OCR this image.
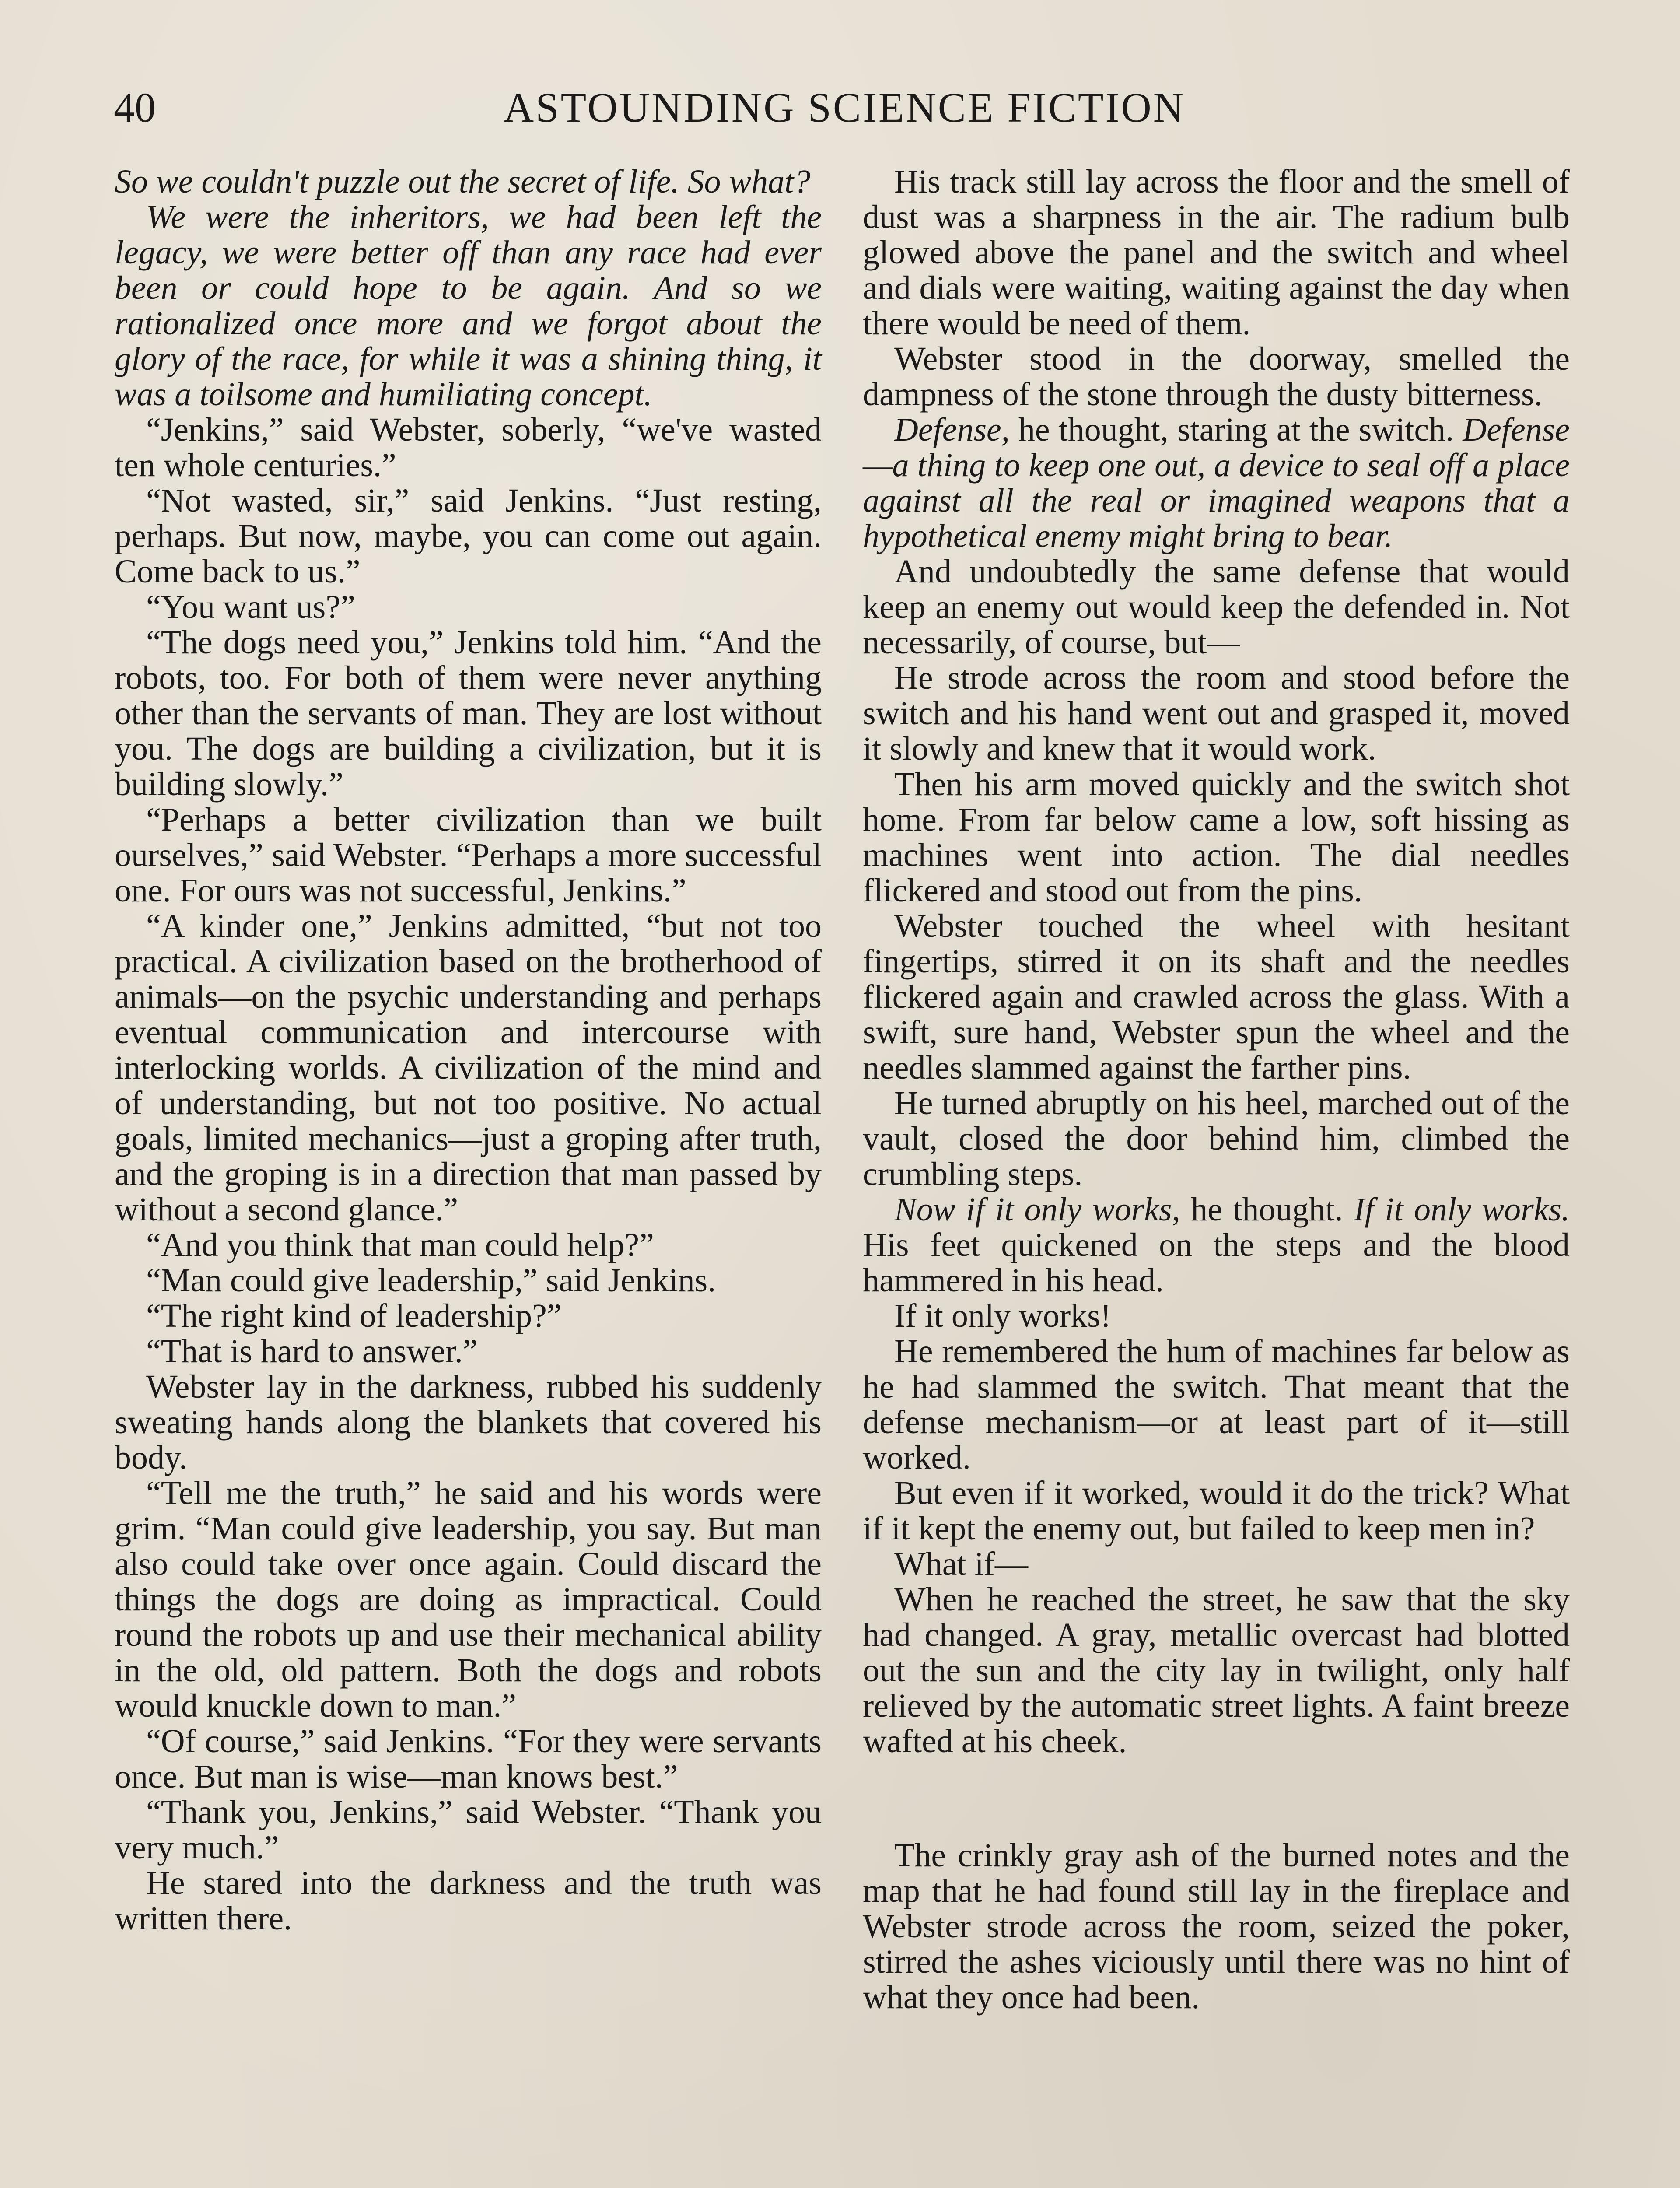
40	ASTOUNDING SCIENCE FICTION

So we couldn't puzzle out the secret of life. So what?

We were the inheritors, we had been left the legacy, we were better off than any race had ever been or could hope to be again. And so we rationalized once more and we forgot about the glory of the race, for while it was a shining thing, it was a toilsome and humiliating concept.

“Jenkins,” said Webster, soberly, “we've wasted ten whole centuries.”

“Not wasted, sir,” said Jenkins. “Just resting, perhaps. But now, maybe, you can come out again. Come back to us.”

“You want us?”

“The dogs need you,” Jenkins told him. “And the robots, too. For both of them were never anything other than the servants of man. They are lost without you. The dogs are building a civilization, but it is building slowly.”

“Perhaps a better civilization than we built ourselves,” said Webster. “Perhaps a more successful one. For ours was not successful, Jenkins.”

“A kinder one,” Jenkins admitted, “but not too practical. A civilization based on the brotherhood of animals—on the psychic understanding and perhaps eventual communication and intercourse with interlocking worlds. A civilization of the mind and of understanding, but not too positive. No actual goals, limited mechanics—just a groping after truth, and the groping is in a direction that man passed by without a second glance.”

“And you think that man could help?”

“Man could give leadership,” said Jenkins.

“The right kind of leadership?”

“That is hard to answer.”

Webster lay in the darkness, rubbed his suddenly sweating hands along the blankets that covered his body.

“Tell me the truth,” he said and his words were grim. “Man could give leadership, you say. But man also could take over once again. Could discard the things the dogs are doing as impractical. Could round the robots up and use their mechanical ability in the old, old pattern. Both the dogs and robots would knuckle down to man.”

“Of course,” said Jenkins. “For they were servants once. But man is wise—man knows best.”

“Thank you, Jenkins,” said Webster. “Thank you very much.”

He stared into the darkness and the truth was written there.

His track still lay across the floor and the smell of dust was a sharpness in the air. The radium bulb glowed above the panel and the switch and wheel and dials were waiting, waiting against the day when there would be need of them.

Webster stood in the doorway, smelled the dampness of the stone through the dusty bitterness.

Defense, he thought, staring at the switch. Defense—a thing to keep one out, a device to seal off a place against all the real or imagined weapons that a hypothetical enemy might bring to bear.

And undoubtedly the same defense that would keep an enemy out would keep the defended in. Not necessarily, of course, but—

He strode across the room and stood before the switch and his hand went out and grasped it, moved it slowly and knew that it would work.

Then his arm moved quickly and the switch shot home. From far below came a low, soft hissing as machines went into action. The dial needles flickered and stood out from the pins.

Webster touched the wheel with hesitant fingertips, stirred it on its shaft and the needles flickered again and crawled across the glass. With a swift, sure hand, Webster spun the wheel and the needles slammed against the farther pins.

He turned abruptly on his heel, marched out of the vault, closed the door behind him, climbed the crumbling steps.

Now if it only works, he thought. If it only works. His feet quickened on the steps and the blood hammered in his head.

If it only works!

He remembered the hum of machines far below as he had slammed the switch. That meant that the defense mechanism—or at least part of it—still worked.

But even if it worked, would it do the trick? What if it kept the enemy out, but failed to keep men in?

What if—

When he reached the street, he saw that the sky had changed. A gray, metallic overcast had blotted out the sun and the city lay in twilight, only half relieved by the automatic street lights. A faint breeze wafted at his cheek.

The crinkly gray ash of the burned notes and the map that he had found still lay in the fireplace and Webster strode across the room, seized the poker, stirred the ashes viciously until there was no hint of what they once had been.
